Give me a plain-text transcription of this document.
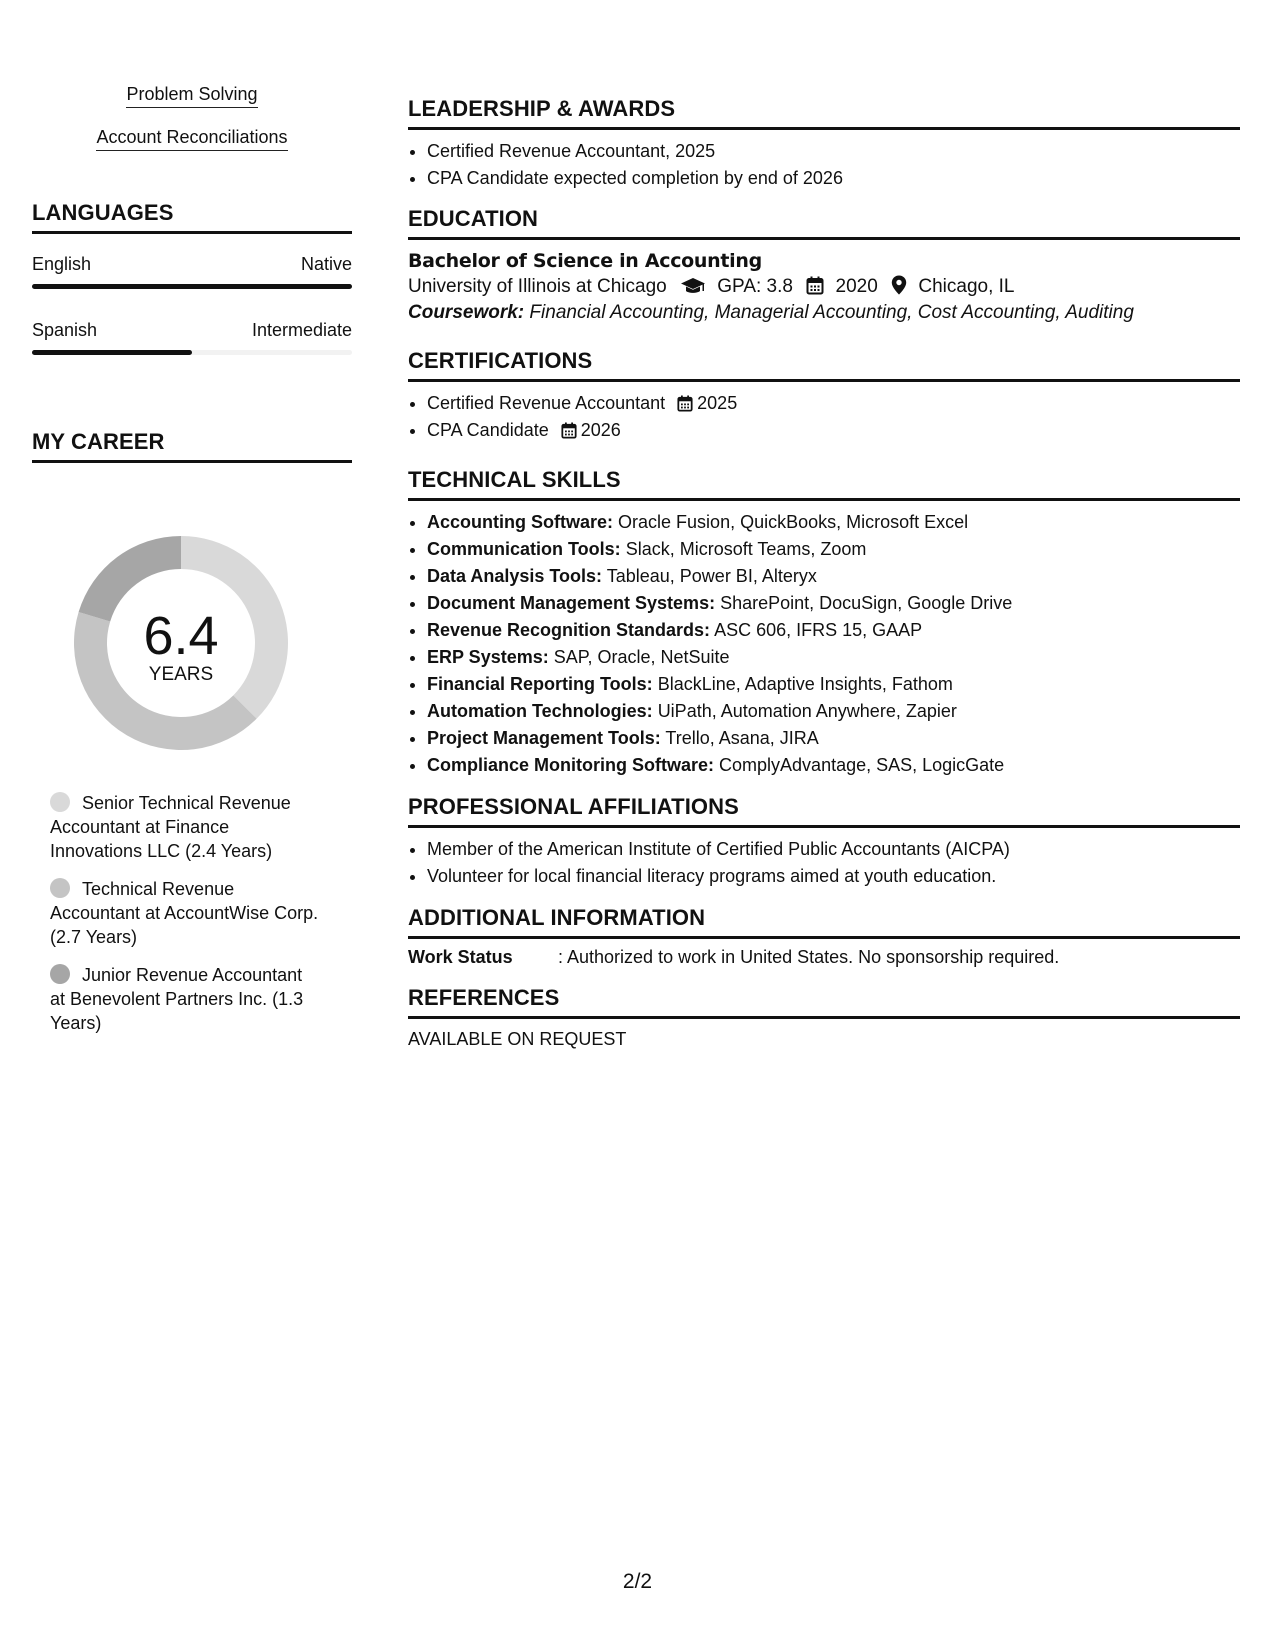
Problem Solving
Account Reconciliations
LANGUAGES
English	Native
Spanish	Intermediate
MY CAREER
6.4
YEARS
Senior Technical Revenue Accountant at Finance Innovations LLC (2.4 Years)
Technical Revenue Accountant at AccountWise Corp. (2.7 Years)
Junior Revenue Accountant at Benevolent Partners Inc. (1.3 Years)
LEADERSHIP & AWARDS
• Certified Revenue Accountant, 2025
• CPA Candidate expected completion by end of 2026
EDUCATION
Bachelor of Science in Accounting
University of Illinois at Chicago	GPA: 3.8 2020 Chicago, IL
Coursework: Financial Accounting, Managerial Accounting, Cost Accounting, Auditing
CERTIFICATIONS
• Certified Revenue Accountant 2025
• CPA Candidate 2026
TECHNICAL SKILLS
• Accounting Software: Oracle Fusion, QuickBooks, Microsoft Excel
• Communication Tools: Slack, Microsoft Teams, Zoom
• Data Analysis Tools: Tableau, Power BI, Alteryx
• Document Management Systems: SharePoint, DocuSign, Google Drive
• Revenue Recognition Standards: ASC 606, IFRS 15, GAAP
• ERP Systems: SAP, Oracle, NetSuite
• Financial Reporting Tools: BlackLine, Adaptive Insights, Fathom
• Automation Technologies: UiPath, Automation Anywhere, Zapier
• Project Management Tools: Trello, Asana, JIRA
• Compliance Monitoring Software: ComplyAdvantage, SAS, LogicGate
PROFESSIONAL AFFILIATIONS
• Member of the American Institute of Certified Public Accountants (AICPA)
• Volunteer for local financial literacy programs aimed at youth education.
ADDITIONAL INFORMATION
Work Status	: Authorized to work in United States. No sponsorship required.
REFERENCES
AVAILABLE ON REQUEST
2/2
